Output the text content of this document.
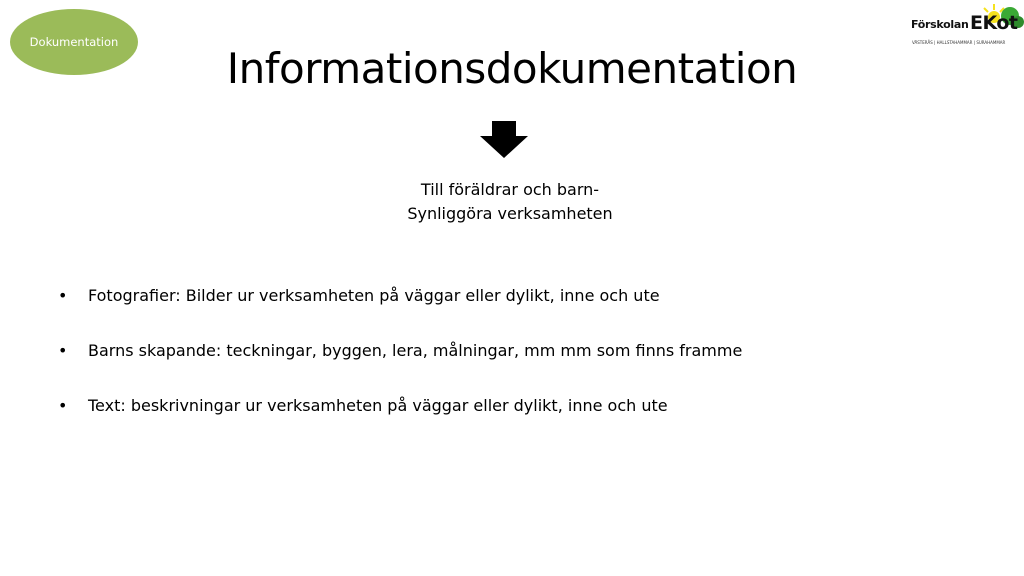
Dokumentation
Förskolan EKot
VÄSTERÅS | HALLSTAHAMMAR | SURAHAMMAR
Informationsdokumentation
Till föräldrar och barn-
Synliggöra verksamheten
•	Fotografier: Bilder ur verksamheten på väggar eller dylikt, inne och ute
•	Barns skapande: teckningar, byggen, lera, målningar, mm mm som finns framme
•	Text: beskrivningar ur verksamheten på väggar eller dylikt, inne och ute
